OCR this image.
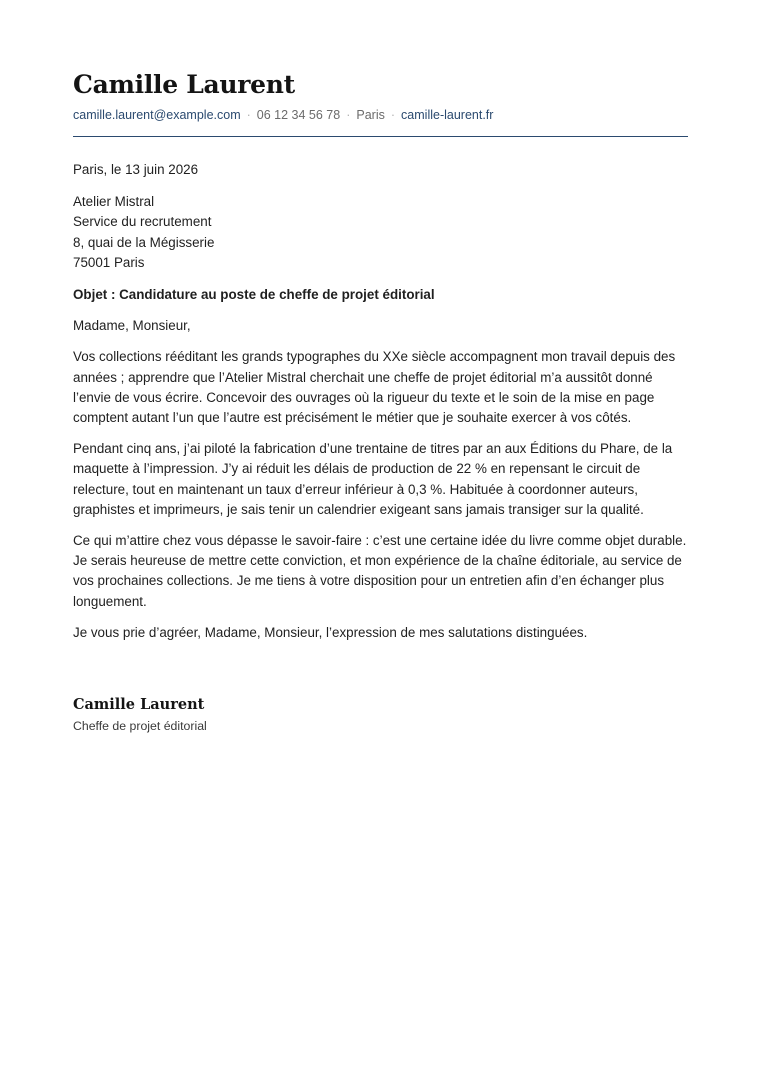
Camille Laurent
camille.laurent@example.com · 06 12 34 56 78 · Paris · camille-laurent.fr

Paris, le 13 juin 2026

Atelier Mistral
Service du recrutement
8, quai de la Mégisserie
75001 Paris

Objet : Candidature au poste de cheffe de projet éditorial

Madame, Monsieur,

Vos collections rééditant les grands typographes du XXe siècle accompagnent mon travail depuis des années ; apprendre que l’Atelier Mistral cherchait une cheffe de projet éditorial m’a aussitôt donné l’envie de vous écrire. Concevoir des ouvrages où la rigueur du texte et le soin de la mise en page comptent autant l’un que l’autre est précisément le métier que je souhaite exercer à vos côtés.

Pendant cinq ans, j’ai piloté la fabrication d’une trentaine de titres par an aux Éditions du Phare, de la maquette à l’impression. J’y ai réduit les délais de production de 22 % en repensant le circuit de relecture, tout en maintenant un taux d’erreur inférieur à 0,3 %. Habituée à coordonner auteurs, graphistes et imprimeurs, je sais tenir un calendrier exigeant sans jamais transiger sur la qualité.

Ce qui m’attire chez vous dépasse le savoir-faire : c’est une certaine idée du livre comme objet durable. Je serais heureuse de mettre cette conviction, et mon expérience de la chaîne éditoriale, au service de vos prochaines collections. Je me tiens à votre disposition pour un entretien afin d’en échanger plus longuement.

Je vous prie d’agréer, Madame, Monsieur, l’expression de mes salutations distinguées.

Camille Laurent
Cheffe de projet éditorial
